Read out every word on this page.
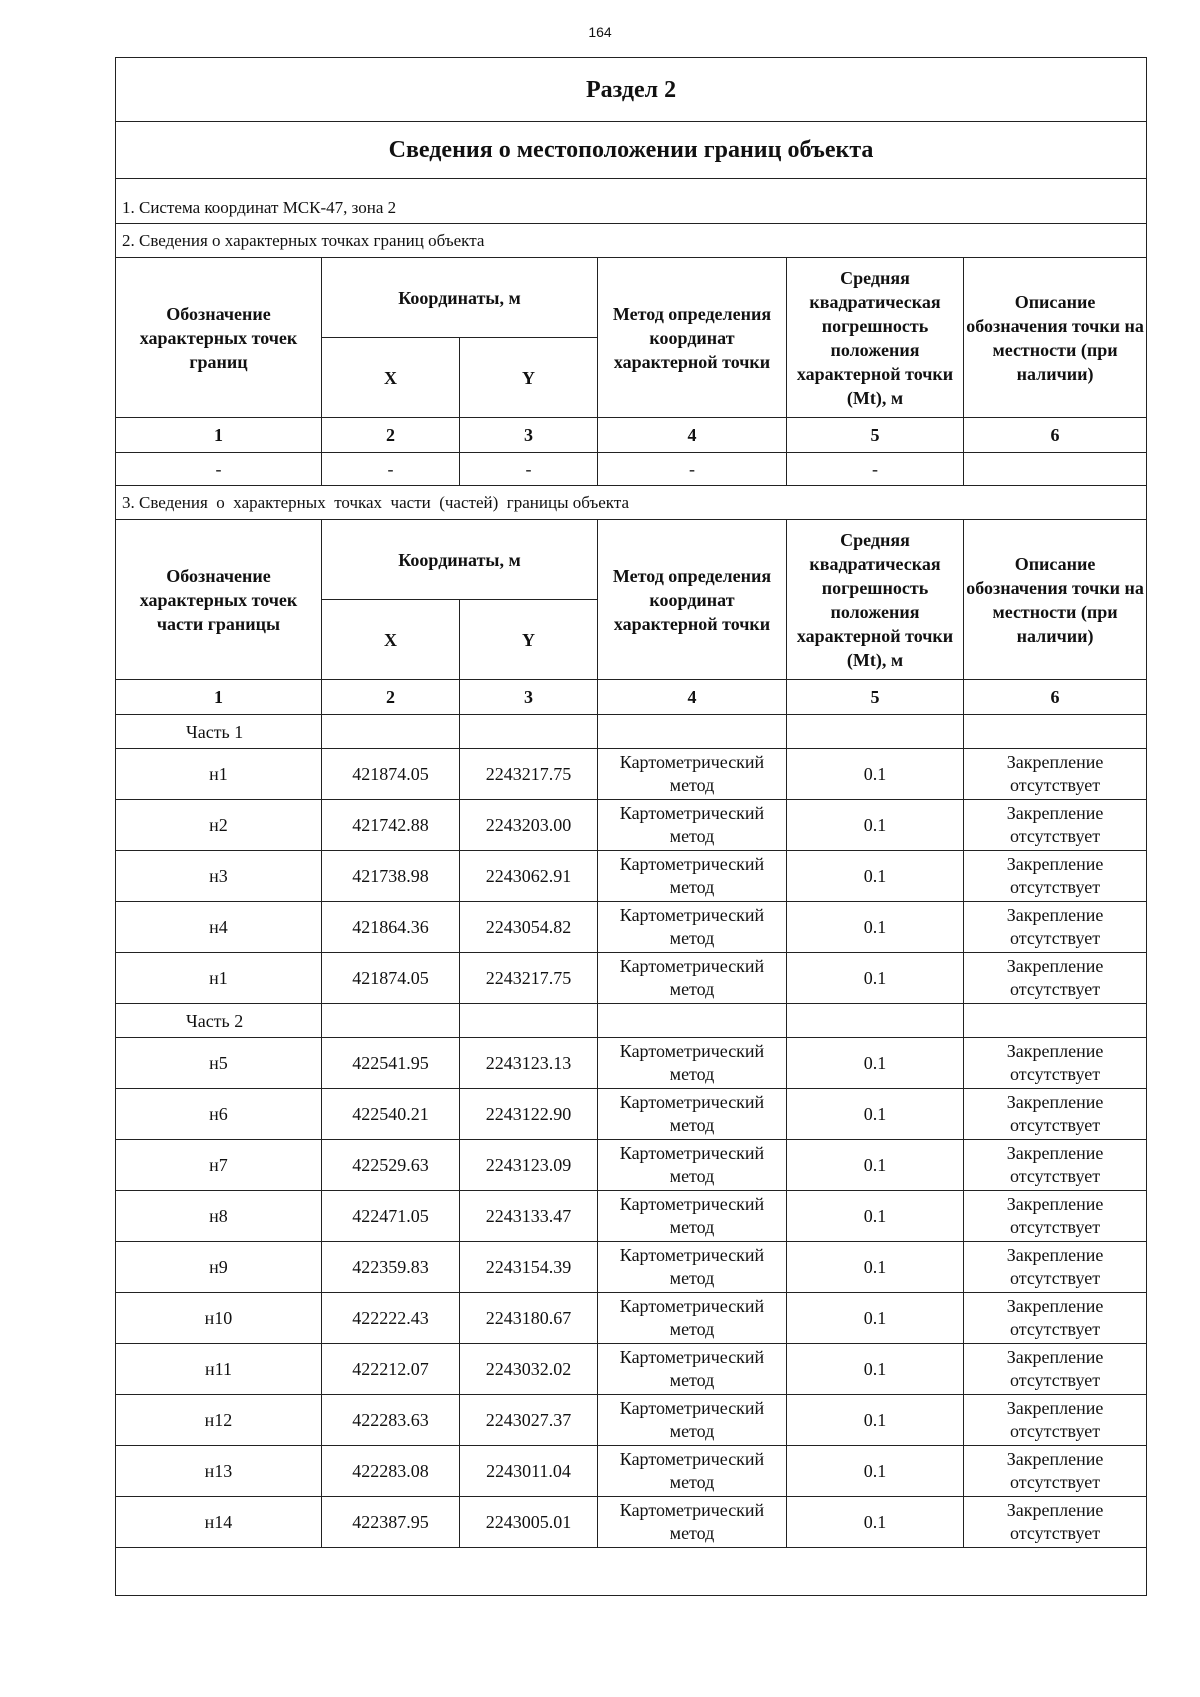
164
Раздел 2					
Сведения о местоположении границ объекта					
1. Система координат МСК-47, зона 2					
2. Сведения о характерных точках границ объекта					
Обозначение характерных точек границ	Координаты, м		Метод определения координат характерной точки	Средняя квадратическая погрешность положения характерной точки (Mt), м	Описание обозначения точки на местности (при наличии)
	X	Y			
1	2	3	4	5	6
-	-	-	-	-	
3. Сведения  о  характерных  точках  части  (частей)  границы объекта					
Обозначение характерных точек части границы	Координаты, м		Метод определения координат характерной точки	Средняя квадратическая погрешность положения характерной точки (Mt), м	Описание обозначения точки на местности (при наличии)
	X	Y			
1	2	3	4	5	6
Часть 1					
н1	421874.05	2243217.75	Картометрический метод	0.1	Закрепление отсутствует
н2	421742.88	2243203.00	Картометрический метод	0.1	Закрепление отсутствует
н3	421738.98	2243062.91	Картометрический метод	0.1	Закрепление отсутствует
н4	421864.36	2243054.82	Картометрический метод	0.1	Закрепление отсутствует
н1	421874.05	2243217.75	Картометрический метод	0.1	Закрепление отсутствует
Часть 2					
н5	422541.95	2243123.13	Картометрический метод	0.1	Закрепление отсутствует
н6	422540.21	2243122.90	Картометрический метод	0.1	Закрепление отсутствует
н7	422529.63	2243123.09	Картометрический метод	0.1	Закрепление отсутствует
н8	422471.05	2243133.47	Картометрический метод	0.1	Закрепление отсутствует
н9	422359.83	2243154.39	Картометрический метод	0.1	Закрепление отсутствует
н10	422222.43	2243180.67	Картометрический метод	0.1	Закрепление отсутствует
н11	422212.07	2243032.02	Картометрический метод	0.1	Закрепление отсутствует
н12	422283.63	2243027.37	Картометрический метод	0.1	Закрепление отсутствует
н13	422283.08	2243011.04	Картометрический метод	0.1	Закрепление отсутствует
н14	422387.95	2243005.01	Картометрический метод	0.1	Закрепление отсутствует
